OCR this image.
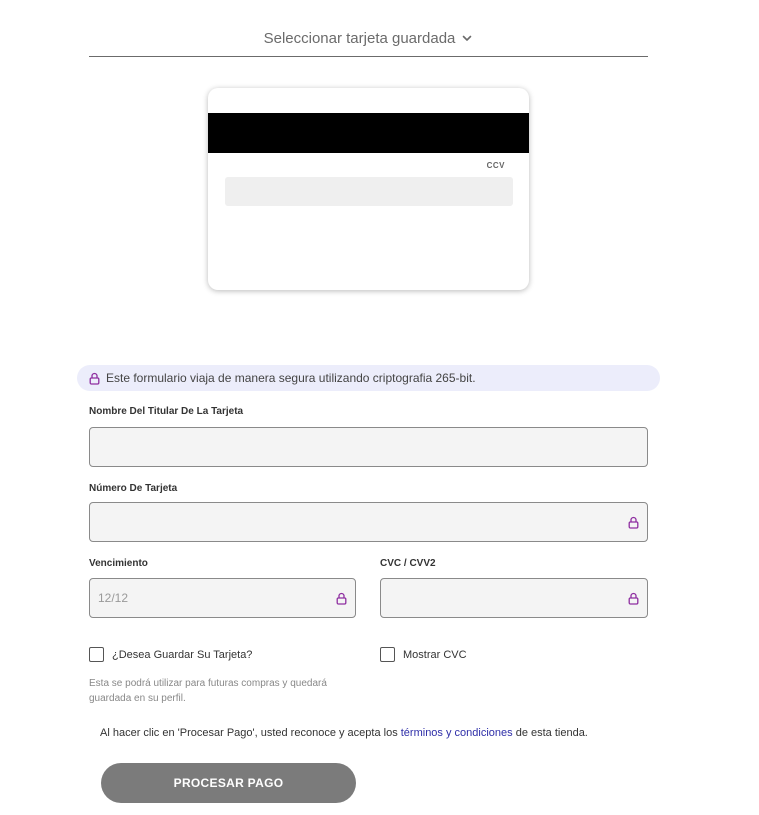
Seleccionar tarjeta guardada
CCV
Este formulario viaja de manera segura utilizando criptografia 265-bit.
Nombre Del Titular De La Tarjeta
Número De Tarjeta
Vencimiento
12/12	CVC / CVV2
¿Desea Guardar Su Tarjeta?	Mostrar CVC
Esta se podrá utilizar para futuras compras y quedará guardada en su perfil.
Al hacer clic en 'Procesar Pago', usted reconoce y acepta los términos y condiciones de esta tienda.
PROCESAR PAGO
